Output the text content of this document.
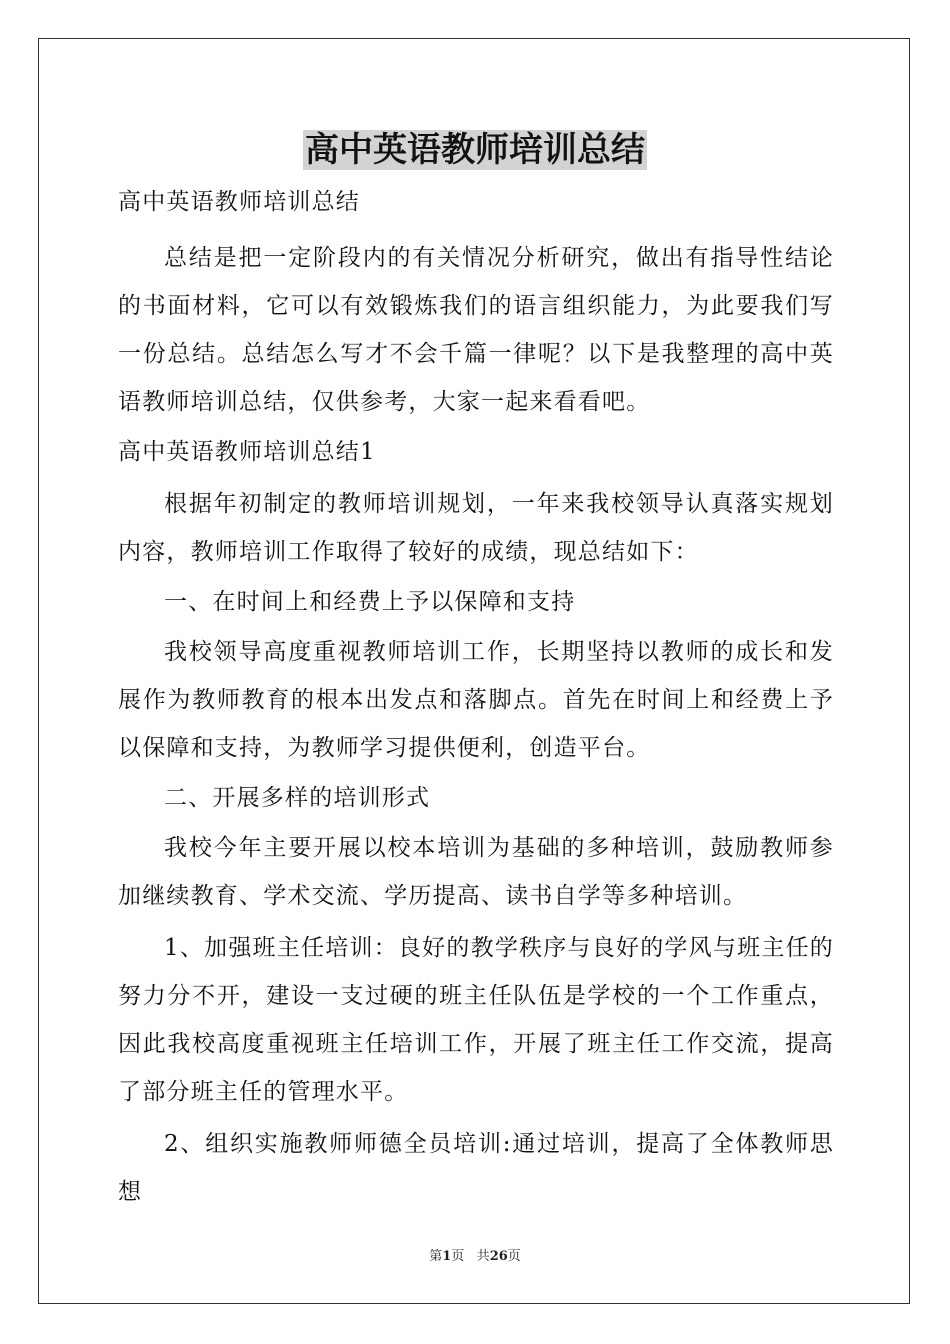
高中英语教师培训总结

高中英语教师培训总结

总结是把一定阶段内的有关情况分析研究，做出有指导性结论的书面材料，它可以有效锻炼我们的语言组织能力，为此要我们写一份总结。总结怎么写才不会千篇一律呢？以下是我整理的高中英语教师培训总结，仅供参考，大家一起来看看吧。

高中英语教师培训总结1

根据年初制定的教师培训规划，一年来我校领导认真落实规划内容，教师培训工作取得了较好的成绩，现总结如下：

一、在时间上和经费上予以保障和支持

我校领导高度重视教师培训工作，长期坚持以教师的成长和发展作为教师教育的根本出发点和落脚点。首先在时间上和经费上予以保障和支持，为教师学习提供便利，创造平台。

二、开展多样的培训形式

我校今年主要开展以校本培训为基础的多种培训，鼓励教师参加继续教育、学术交流、学历提高、读书自学等多种培训。

1、加强班主任培训：良好的教学秩序与良好的学风与班主任的努力分不开，建设一支过硬的班主任队伍是学校的一个工作重点，因此我校高度重视班主任培训工作，开展了班主任工作交流，提高了部分班主任的管理水平。

2、组织实施教师师德全员培训:通过培训，提高了全体教师思想

第1页 共26页
